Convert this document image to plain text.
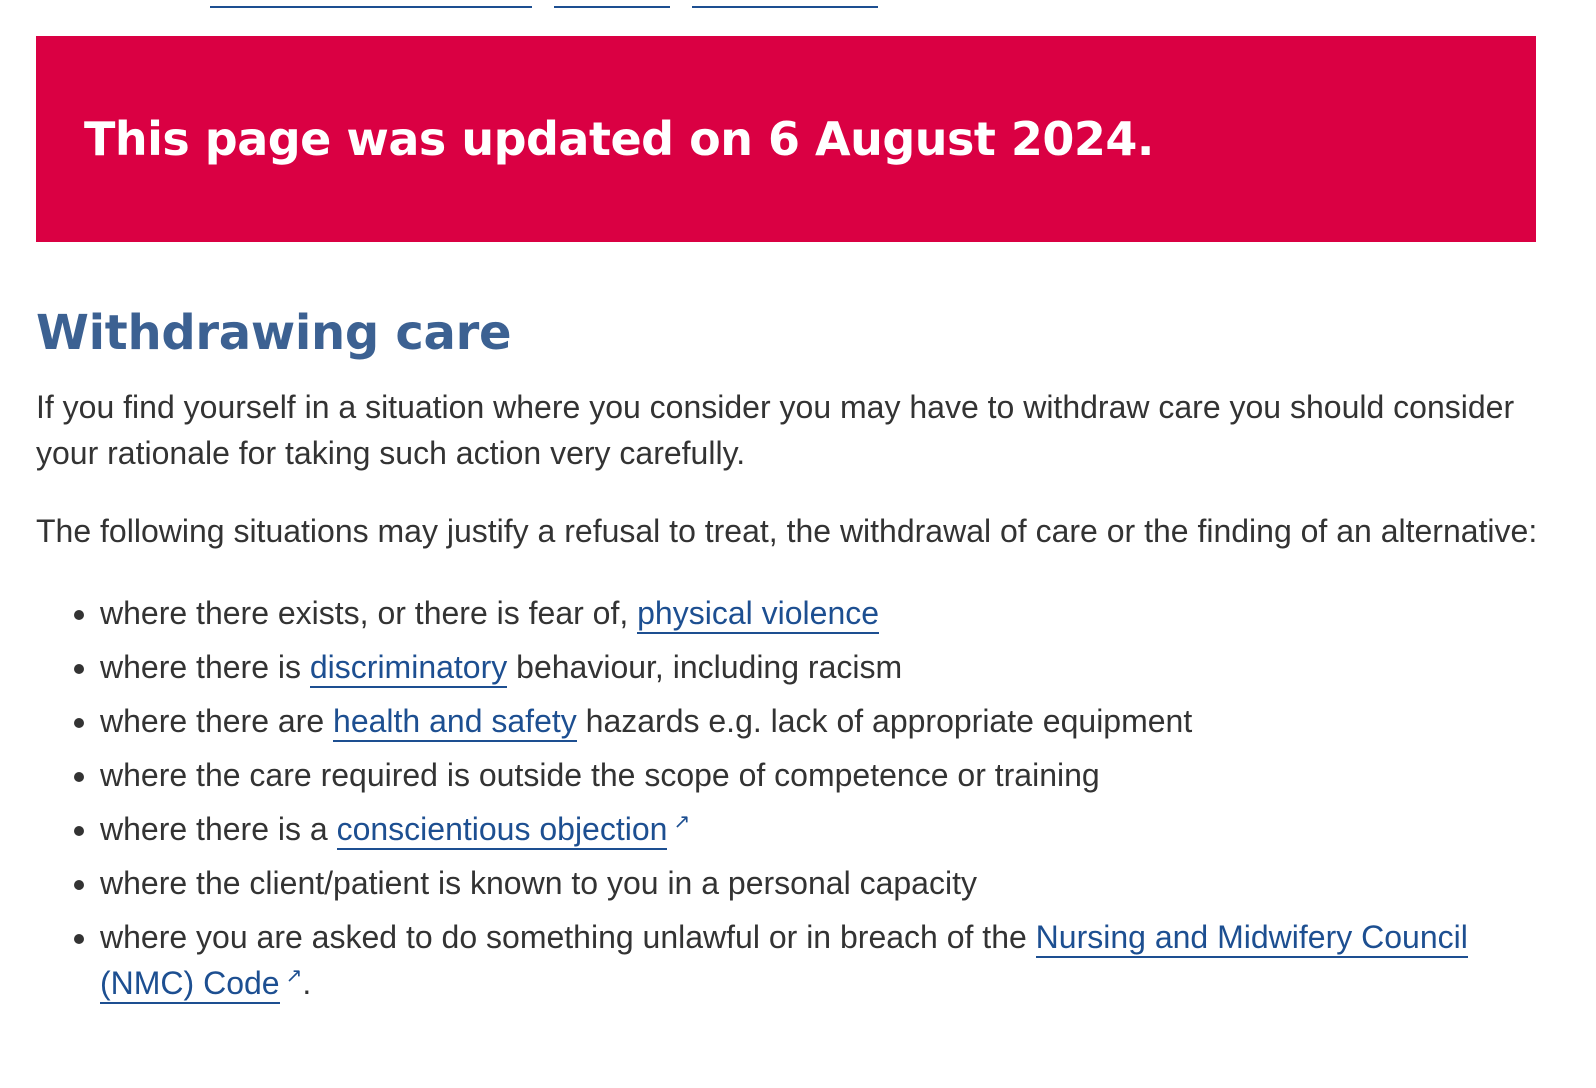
This page was updated on 6 August 2024.

Withdrawing care

If you find yourself in a situation where you consider you may have to withdraw care you should consider your rationale for taking such action very carefully.

The following situations may justify a refusal to treat, the withdrawal of care or the finding of an alternative:

• where there exists, or there is fear of, physical violence
• where there is discriminatory behaviour, including racism
• where there are health and safety hazards e.g. lack of appropriate equipment
• where the care required is outside the scope of competence or training
• where there is a conscientious objection ↗
• where the client/patient is known to you in a personal capacity
• where you are asked to do something unlawful or in breach of the Nursing and Midwifery Council (NMC) Code ↗.
